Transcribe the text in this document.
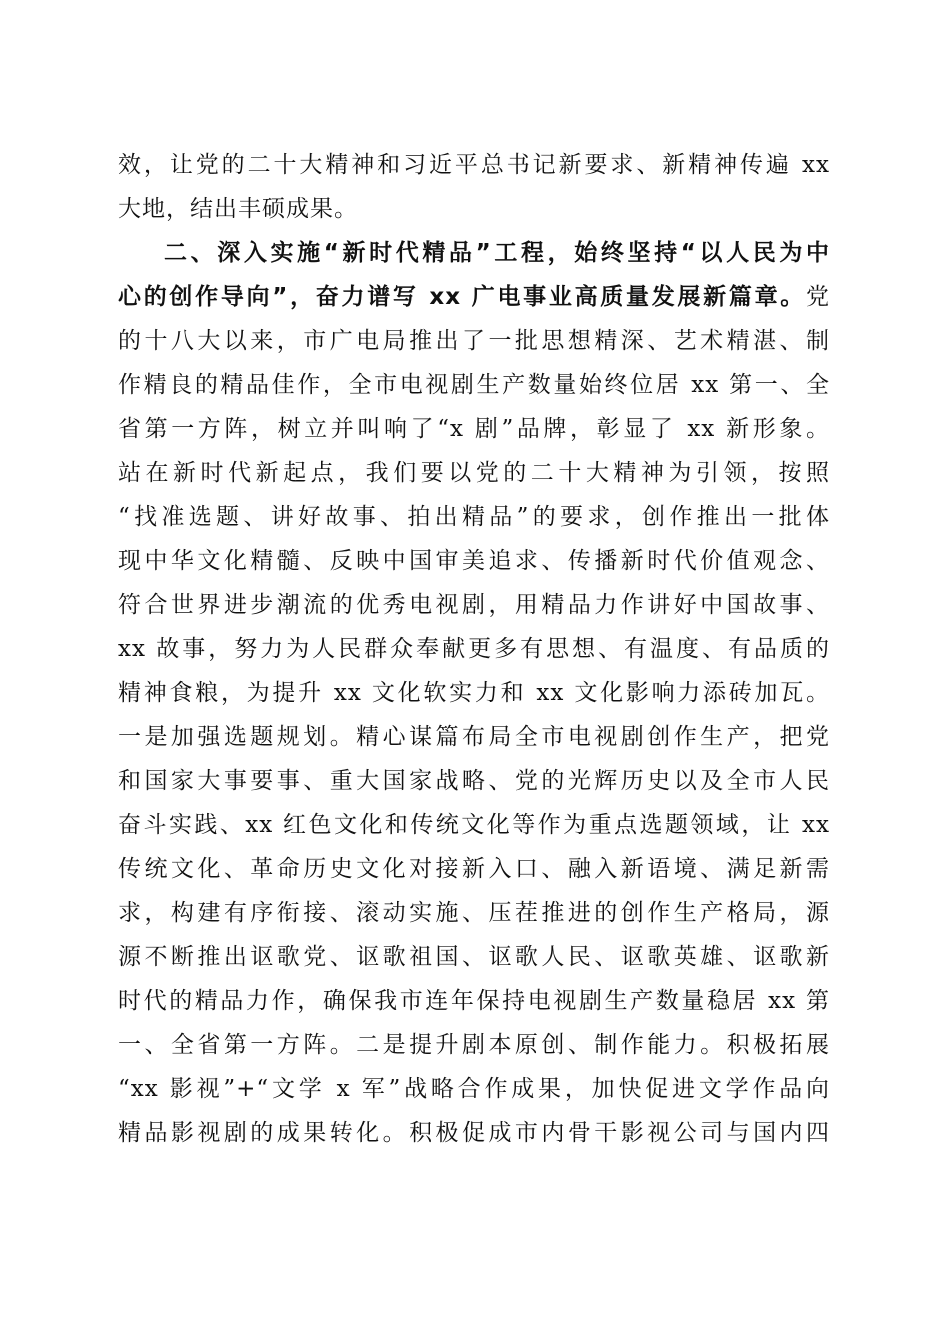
效，让党的二十大精神和习近平总书记新要求、新精神传遍 xx
大地，结出丰硕成果。
二、深入实施“新时代精品”工程，始终坚持“以人民为中
心的创作导向”，奋力谱写 xx 广电事业高质量发展新篇章。党
的十八大以来，市广电局推出了一批思想精深、艺术精湛、制
作精良的精品佳作，全市电视剧生产数量始终位居 xx 第一、全
省第一方阵，树立并叫响了“x 剧”品牌，彰显了 xx 新形象。
站在新时代新起点，我们要以党的二十大精神为引领，按照
“找准选题、讲好故事、拍出精品”的要求，创作推出一批体
现中华文化精髓、反映中国审美追求、传播新时代价值观念、
符合世界进步潮流的优秀电视剧，用精品力作讲好中国故事、
xx 故事，努力为人民群众奉献更多有思想、有温度、有品质的
精神食粮，为提升 xx 文化软实力和 xx 文化影响力添砖加瓦。
一是加强选题规划。精心谋篇布局全市电视剧创作生产，把党
和国家大事要事、重大国家战略、党的光辉历史以及全市人民
奋斗实践、xx 红色文化和传统文化等作为重点选题领域，让 xx
传统文化、革命历史文化对接新入口、融入新语境、满足新需
求，构建有序衔接、滚动实施、压茬推进的创作生产格局，源
源不断推出讴歌党、讴歌祖国、讴歌人民、讴歌英雄、讴歌新
时代的精品力作，确保我市连年保持电视剧生产数量稳居 xx 第
一、全省第一方阵。二是提升剧本原创、制作能力。积极拓展
“xx 影视”+“文学 x 军”战略合作成果，加快促进文学作品向
精品影视剧的成果转化。积极促成市内骨干影视公司与国内四
